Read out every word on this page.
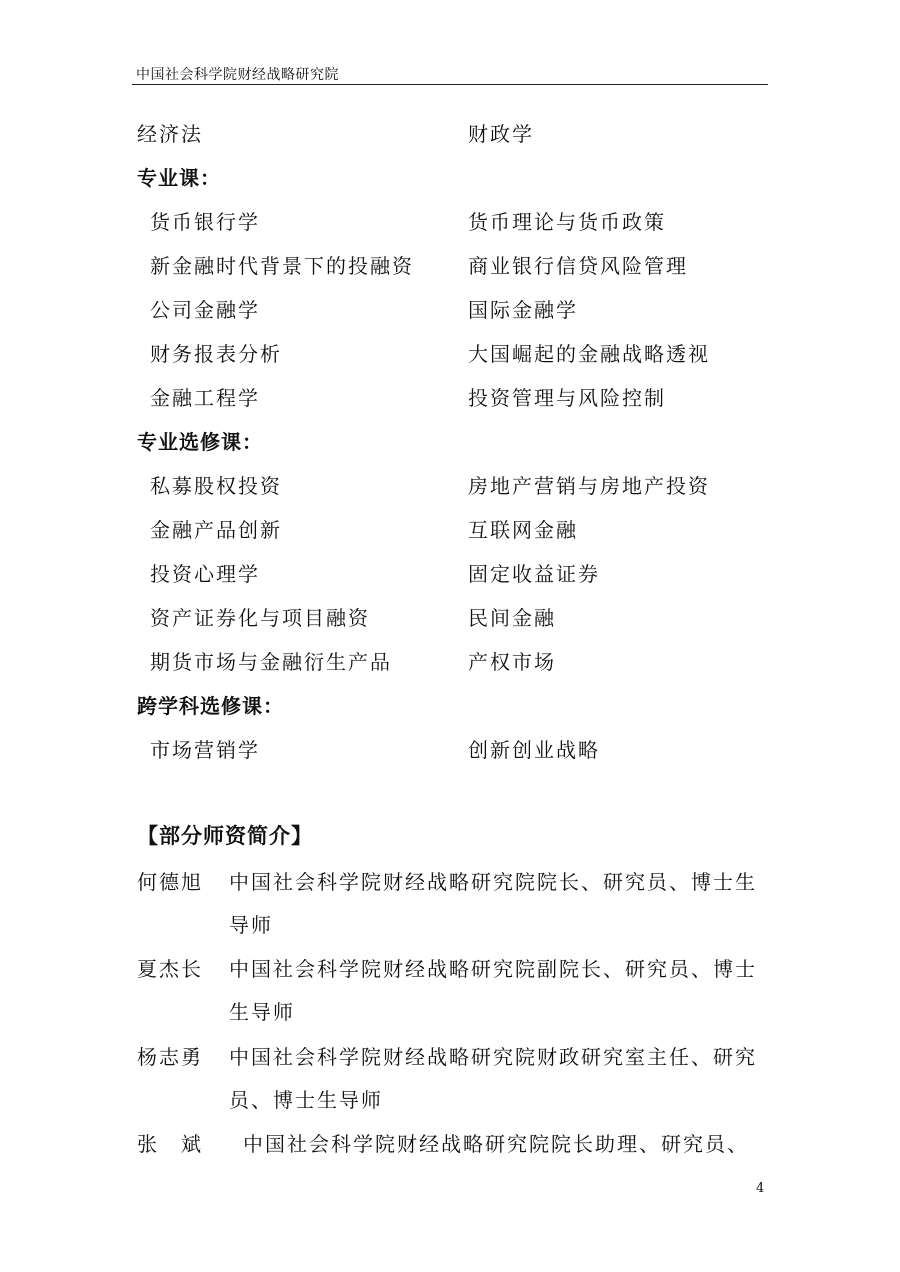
中国社会科学院财经战略研究院
经济法	财政学
专业课：
货币银行学	货币理论与货币政策
新金融时代背景下的投融资	商业银行信贷风险管理
公司金融学	国际金融学
财务报表分析	大国崛起的金融战略透视
金融工程学	投资管理与风险控制
专业选修课：
私募股权投资	房地产营销与房地产投资
金融产品创新	互联网金融
投资心理学	固定收益证券
资产证券化与项目融资	民间金融
期货市场与金融衍生产品	产权市场
跨学科选修课：
市场营销学	创新创业战略
【部分师资简介】
何德旭 中国社会科学院财经战略研究院院长、研究员、博士生
导师
夏杰长 中国社会科学院财经战略研究院副院长、研究员、博士
生导师
杨志勇 中国社会科学院财经战略研究院财政研究室主任、研究
员、博士生导师
张　斌 中国社会科学院财经战略研究院院长助理、研究员、
4
